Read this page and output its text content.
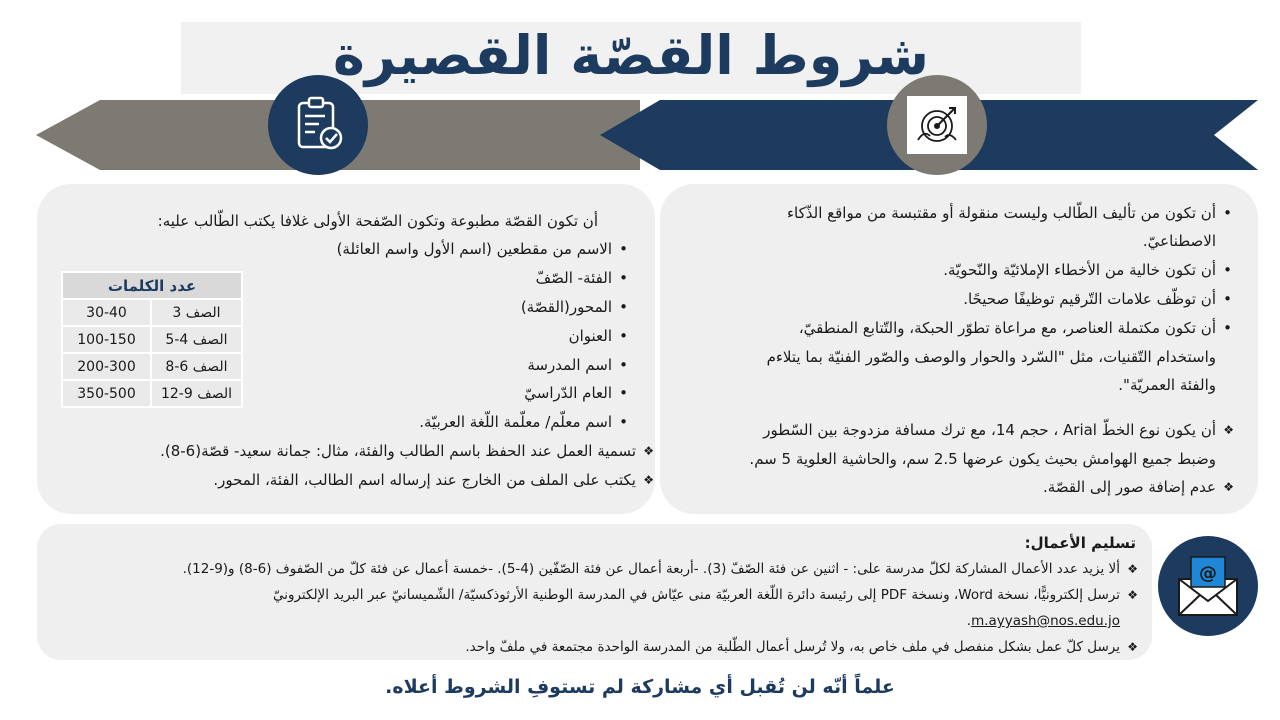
شروط القصّة القصيرة
• أن تكون من تأليف الطّالب وليست منقولة أو مقتبسة من مواقع الذّكاء
الاصطناعيّ.
• أن تكون خالية من الأخطاء الإملائيّة والنّحويّة.
• أن توظّف علامات التّرقيم توظيفًا صحيحًا.
• أن تكون مكتملة العناصر، مع مراعاة تطوّر الحبكة، والتّتابع المنطقيّ،
واستخدام التّقنيات، مثل "السّرد والحوار والوصف والصّور الفنيّة بما يتلاءم
والفئة العمريّة".
❖ أن يكون نوع الخطّ Arial ، حجم 14، مع ترك مسافة مزدوجة بين السّطور
وضبط جميع الهوامش بحيث يكون عرضها 2.5 سم، والحاشية العلوية 5 سم.
❖ عدم إضافة صور إلى القصّة.
أن تكون القصّة مطبوعة وتكون الصّفحة الأولى غلافا يكتب الطّالب عليه:
• الاسم من مقطعين (اسم الأول واسم العائلة)
• الفئة- الصّفّ
• المحور(القصّة)
• العنوان
• اسم المدرسة
• العام الدّراسيّ
• اسم معلّم/ معلّمة اللّغة العربيّة.
❖ تسمية العمل عند الحفظ باسم الطالب والفئة، مثال: جمانة سعيد- قصّة(6-8).
❖ يكتب على الملف من الخارج عند إرساله اسم الطالب، الفئة، المحور.
عدد الكلمات	
الصف 3	30-40
الصف 4-5	100-150
الصف 6-8	200-300
الصف 9-12	350-500
تسليم الأعمال:
❖ ألا يزيد عدد الأعمال المشاركة لكلّ مدرسة على: - اثنين عن فئة الصّفّ (3). -أربعة أعمال عن فئة الصّفّين (4-5). -خمسة أعمال عن فئة كلّ من الصّفوف (6-8) و(9-12).
❖ ترسل إلكترونيًّا، نسخة Word، ونسخة PDF إلى رئيسة دائرة اللّغة العربيّة منى عيّاش في المدرسة الوطنية الأرثوذكسيّة/ الشّميسانيّ عبر البريد الإلكترونيّ
m.ayyash@nos.edu.jo.
❖ يرسل كلّ عمل بشكل منفصل في ملف خاص به، ولا تُرسل أعمال الطّلبة من المدرسة الواحدة مجتمعة في ملفّ واحد.
@
علماً أنّه لن تُقبل أي مشاركة لم تستوفِ الشروط أعلاه.
